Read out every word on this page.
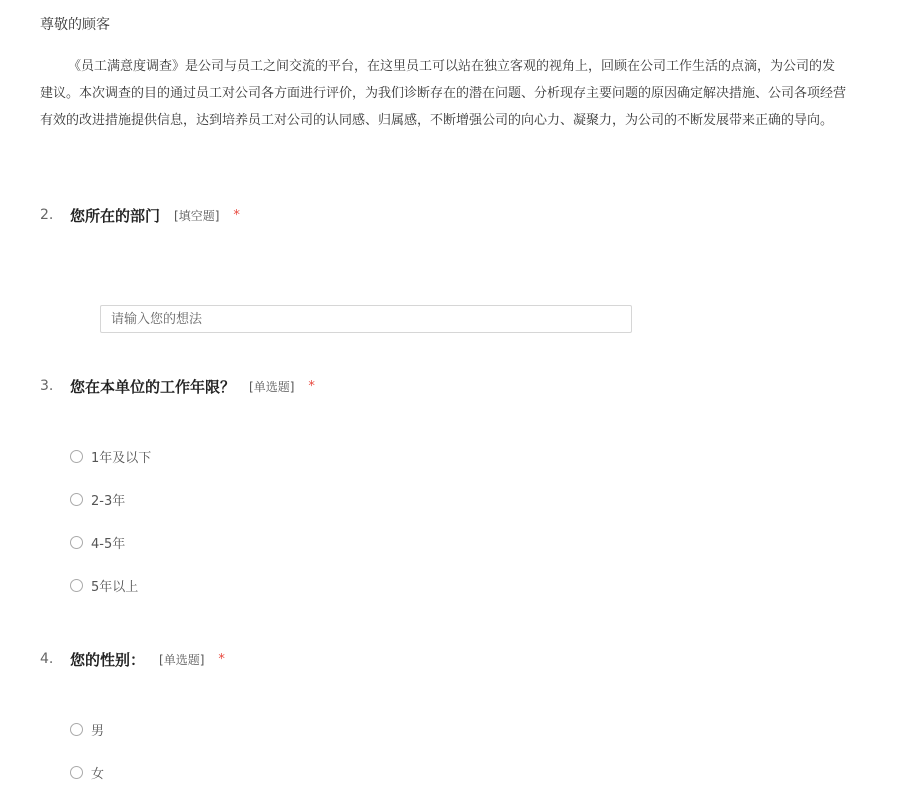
尊敬的顾客
《员工满意度调查》是公司与员工之间交流的平台，在这里员工可以站在独立客观的视角上，回顾在公司工作生活的点滴，为公司的发
建议。本次调查的目的通过员工对公司各方面进行评价，为我们诊断存在的潜在问题、分析现存主要问题的原因确定解决措施、公司各项经营
有效的改进措施提供信息，达到培养员工对公司的认同感、归属感，不断增强公司的向心力、凝聚力，为公司的不断发展带来正确的导向。
2.	您所在的部门 [填空题] *
请输入您的想法
3.	您在本单位的工作年限？ [单选题] *
1年及以下
2-3年
4-5年
5年以上
4.	您的性别： [单选题] *
男
女
